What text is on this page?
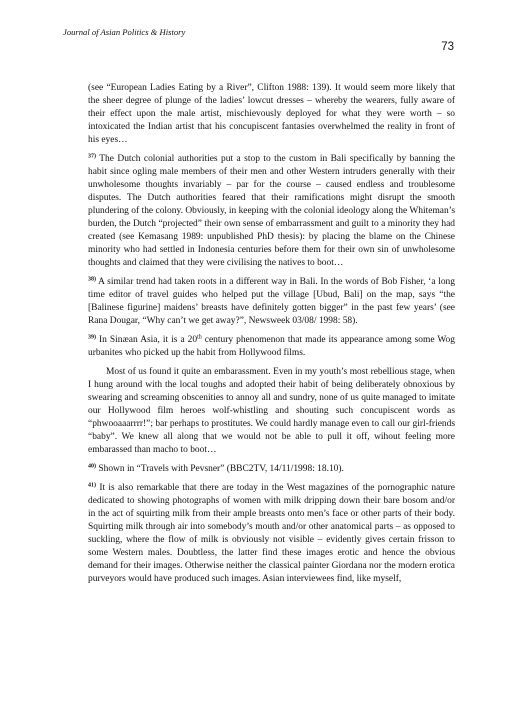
Journal of Asian Politics & History
73

(see “European Ladies Eating by a River”, Clifton 1988: 139). It would seem more likely that the sheer degree of plunge of the ladies’ lowcut dresses – whereby the wearers, fully aware of their effect upon the male artist, mischievously deployed for what they were worth – so intoxicated the Indian artist that his concupiscent fantasies overwhelmed the reality in front of his eyes…

$^{37)}$ The Dutch colonial authorities put a stop to the custom in Bali specifically by banning the habit since ogling male members of their men and other Western intruders generally with their unwholesome thoughts invariably – par for the course – caused endless and troublesome disputes. The Dutch authorities feared that their ramifications might disrupt the smooth plundering of the colony. Obviously, in keeping with the colonial ideology along the Whiteman’s burden, the Dutch “projected” their own sense of embarrassment and guilt to a minority they had created (see Kemasang 1989: unpublished PhD thesis): by placing the blame on the Chinese minority who had settled in Indonesia centuries before them for their own sin of unwholesome thoughts and claimed that they were civilising the natives to boot…

$^{38)}$ A similar trend had taken roots in a different way in Bali. In the words of Bob Fisher, ‘a long time editor of travel guides who helped put the village [Ubud, Bali] on the map, says “the [Balinese figurine] maidens’ breasts have definitely gotten bigger” in the past few years’ (see Rana Dougar, “Why can’t we get away?”, Newsweek 03/08/ 1998: 58).

$^{39)}$ In Sinæan Asia, it is a 20th century phenomenon that made its appearance among some Wog urbanites who picked up the habit from Hollywood films.

Most of us found it quite an embarassment. Even in my youth’s most rebellious stage, when I hung around with the local toughs and adopted their habit of being deliberately obnoxious by swearing and screaming obscenities to annoy all and sundry, none of us quite managed to imitate our Hollywood film heroes wolf-whistling and shouting such concupiscent words as “phwooaaarrrr!”; bar perhaps to prostitutes. We could hardly manage even to call our girl-friends “baby”. We knew all along that we would not be able to pull it off, wihout feeling more embarassed than macho to boot…

$^{40)}$ Shown in “Travels with Pevsner” (BBC2TV, 14/11/1998: 18.10).

$^{41)}$ It is also remarkable that there are today in the West magazines of the pornographic nature dedicated to showing photographs of women with milk dripping down their bare bosom and/or in the act of squirting milk from their ample breasts onto men’s face or other parts of their body. Squirting milk through air into somebody’s mouth and/or other anatomical parts – as opposed to suckling, where the flow of milk is obviously not visible – evidently gives certain frisson to some Western males. Doubtless, the latter find these images erotic and hence the obvious demand for their images. Otherwise neither the classical painter Giordana nor the modern erotica purveyors would have produced such images. Asian interviewees find, like myself,
